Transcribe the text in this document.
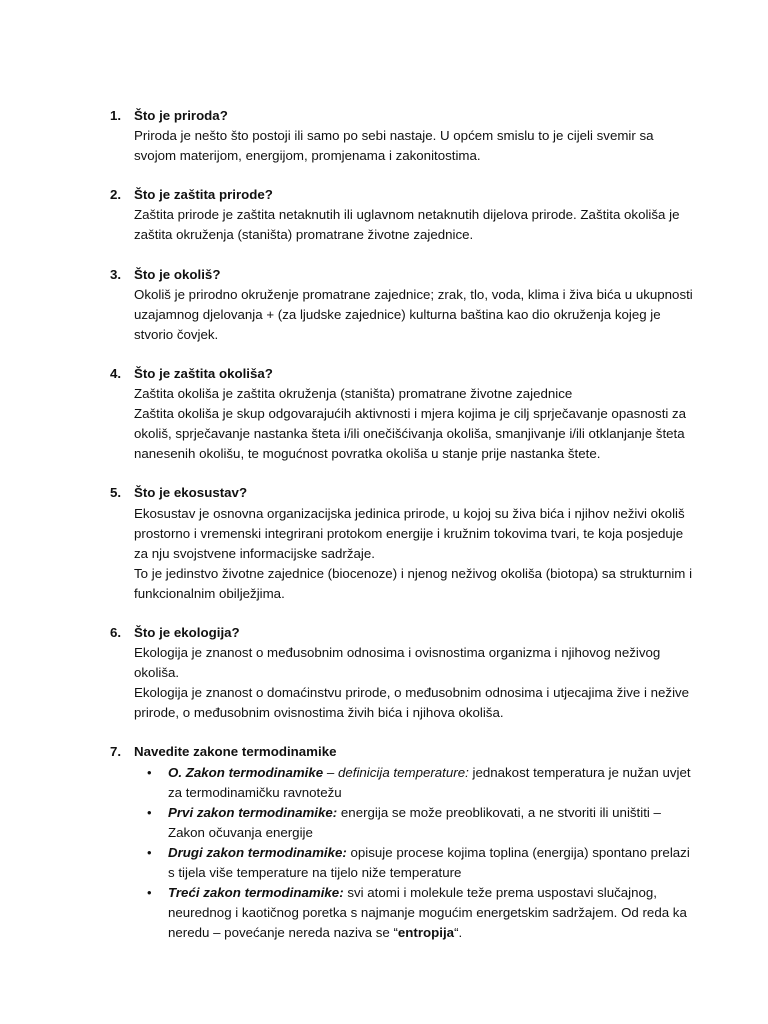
1. Što je priroda?

Priroda je nešto što postoji ili samo po sebi nastaje. U općem smislu to je cijeli svemir sa svojom materijom, energijom, promjenama i zakonitostima.

2. Što je zaštita prirode?

Zaštita prirode je zaštita netaknutih ili uglavnom netaknutih dijelova prirode. Zaštita okoliša je zaštita okruženja (staništa) promatrane životne zajednice.

3. Što je okoliš?

Okoliš je prirodno okruženje promatrane zajednice; zrak, tlo, voda, klima i živa bića u ukupnosti uzajamnog djelovanja + (za ljudske zajednice) kulturna baština kao dio okruženja kojeg je stvorio čovjek.

4. Što je zaštita okoliša?

Zaštita okoliša je zaštita okruženja (staništa) promatrane životne zajednice

Zaštita okoliša je skup odgovarajućih aktivnosti i mjera kojima je cilj sprječavanje opasnosti za okoliš, sprječavanje nastanka šteta i/ili onečišćivanja okoliša, smanjivanje i/ili otklanjanje šteta nanesenih okolišu, te mogućnost povratka okoliša u stanje prije nastanka štete.

5. Što je ekosustav?

Ekosustav je osnovna organizacijska jedinica prirode, u kojoj su živa bića i njihov neživi okoliš prostorno i vremenski integrirani protokom energije i kružnim tokovima tvari, te koja posjeduje za nju svojstvene informacijske sadržaje.

To je jedinstvo životne zajednice (biocenoze) i njenog neživog okoliša (biotopa) sa strukturnim i funkcionalnim obilježjima.

6. Što je ekologija?

Ekologija je znanost o međusobnim odnosima i ovisnostima organizma i njihovog neživog okoliša.

Ekologija je znanost o domaćinstvu prirode, o međusobnim odnosima i utjecajima žive i nežive prirode, o međusobnim ovisnostima živih bića i njihova okoliša.

7. Navedite zakone termodinamike
• O. Zakon termodinamike – definicija temperature: jednakost temperatura je nužan uvjet za termodinamičku ravnotežu
• Prvi zakon termodinamike: energija se može preoblikovati, a ne stvoriti ili uništiti – Zakon očuvanja energije
• Drugi zakon termodinamike: opisuje procese kojima toplina (energija) spontano prelazi s tijela više temperature na tijelo niže temperature
• Treći zakon termodinamike: svi atomi i molekule teže prema uspostavi slučajnog, neurednog i kaotičnog poretka s najmanje mogućim energetskim sadržajem. Od reda ka neredu – povećanje nereda naziva se “entropija“.
